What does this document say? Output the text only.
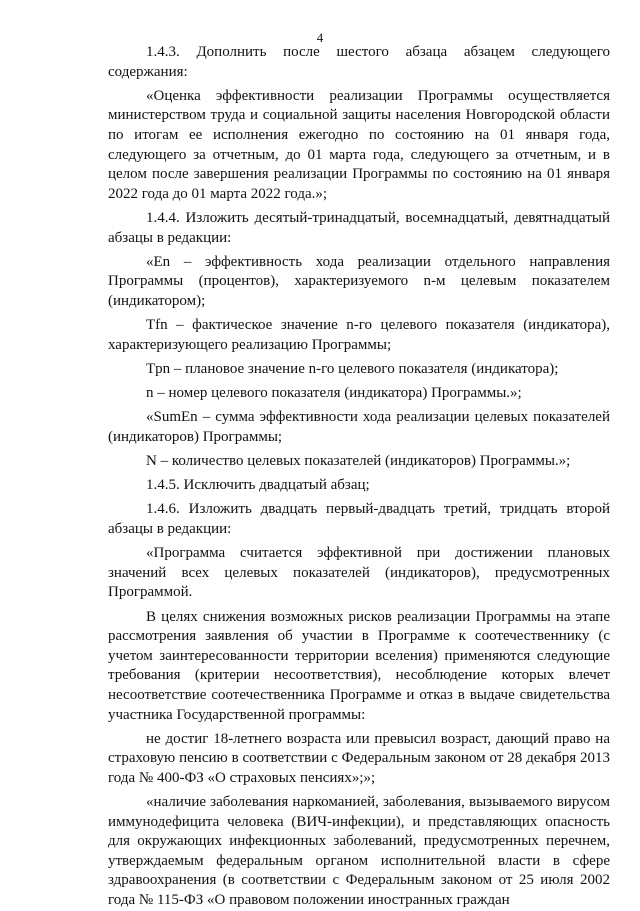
4

1.4.3. Дополнить после шестого абзаца абзацем следующего содержания:

«Оценка эффективности реализации Программы осуществляется министерством труда и социальной защиты населения Новгородской области по итогам ее исполнения ежегодно по состоянию на 01 января года, следующего за отчетным, до 01 марта года, следующего за отчетным, и в целом после завершения реализации Программы по состоянию на 01 января 2022 года до 01 марта 2022 года.»;

1.4.4. Изложить десятый-тринадцатый, восемнадцатый, девятнадцатый абзацы в редакции:

«En – эффективность хода реализации отдельного направления Программы (процентов), характеризуемого n-м целевым показателем (индикатором);

Tfn – фактическое значение n-го целевого показателя (индикатора), характеризующего реализацию Программы;

Tpn – плановое значение n-го целевого показателя (индикатора);

n – номер целевого показателя (индикатора) Программы.»;

«SumEn – сумма эффективности хода реализации целевых показателей (индикаторов) Программы;

N – количество целевых показателей (индикаторов) Программы.»;

1.4.5. Исключить двадцатый абзац;

1.4.6. Изложить двадцать первый-двадцать третий, тридцать второй абзацы в редакции:

«Программа считается эффективной при достижении плановых значений всех целевых показателей (индикаторов), предусмотренных Программой.

В целях снижения возможных рисков реализации Программы на этапе рассмотрения заявления об участии в Программе к соотечественнику (с учетом заинтересованности территории вселения) применяются следующие требования (критерии несоответствия), несоблюдение которых влечет несоответствие соотечественника Программе и отказ в выдаче свидетельства участника Государственной программы:

не достиг 18-летнего возраста или превысил возраст, дающий право на страховую пенсию в соответствии с Федеральным законом от 28 декабря 2013 года № 400-ФЗ «О страховых пенсиях»;»;

«наличие заболевания наркоманией, заболевания, вызываемого вирусом иммунодефицита человека (ВИЧ-инфекции), и представляющих опасность для окружающих инфекционных заболеваний, предусмотренных перечнем, утверждаемым федеральным органом исполнительной власти в сфере здравоохранения (в соответствии с Федеральным законом от 25 июля 2002 года № 115-ФЗ «О правовом положении иностранных граждан
